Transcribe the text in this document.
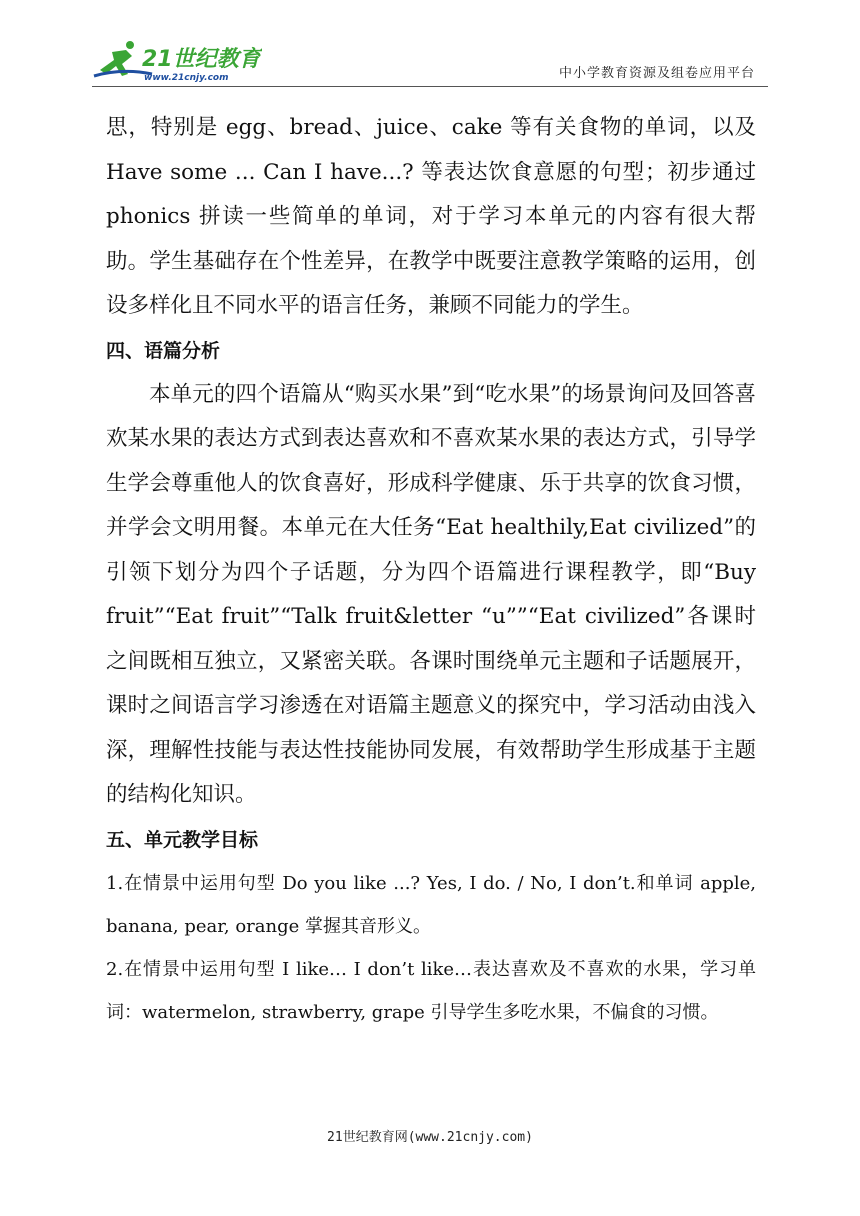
21世纪教育
www.21cnjy.com	中小学教育资源及组卷应用平台

思，特别是 egg、bread、juice、cake 等有关食物的单词，以及 Have some ... Can I have...? 等表达饮食意愿的句型；初步通过 phonics 拼读一些简单的单词，对于学习本单元的内容有很大帮助。学生基础存在个性差异，在教学中既要注意教学策略的运用，创设多样化且不同水平的语言任务，兼顾不同能力的学生。

四、语篇分析

本单元的四个语篇从“购买水果”到“吃水果”的场景询问及回答喜欢某水果的表达方式到表达喜欢和不喜欢某水果的表达方式，引导学生学会尊重他人的饮食喜好，形成科学健康、乐于共享的饮食习惯，并学会文明用餐。本单元在大任务“Eat healthily,Eat civilized”的引领下划分为四个子话题，分为四个语篇进行课程教学，即“Buy fruit”“Eat fruit”“Talk fruit&letter “u””“Eat civilized”各课时之间既相互独立，又紧密关联。各课时围绕单元主题和子话题展开，课时之间语言学习渗透在对语篇主题意义的探究中，学习活动由浅入深，理解性技能与表达性技能协同发展，有效帮助学生形成基于主题的结构化知识。

五、单元教学目标

1.在情景中运用句型 Do you like ...? Yes, I do. / No, I don’t.和单词 apple, banana, pear, orange 掌握其音形义。

2.在情景中运用句型 I like… I don’t like…表达喜欢及不喜欢的水果，学习单词：watermelon, strawberry, grape 引导学生多吃水果，不偏食的习惯。

21世纪教育网(www.21cnjy.com)
